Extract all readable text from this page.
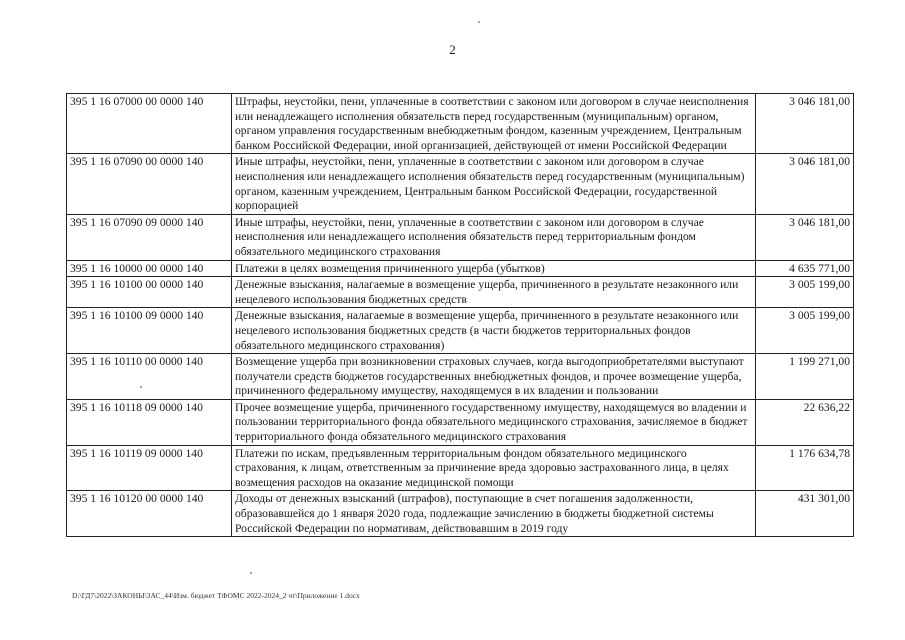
2
395 1 16 07000 00 0000 140	Штрафы, неустойки, пени, уплаченные в соответствии с законом или договором в случае неисполнения или ненадлежащего исполнения обязательств перед государственным (муниципальным) органом, органом управления государственным внебюджетным фондом, казенным учреждением, Центральным банком Российской Федерации, иной организацией, действующей от имени Российской Федерации	3 046 181,00
395 1 16 07090 00 0000 140	Иные штрафы, неустойки, пени, уплаченные в соответствии с законом или договором в случае неисполнения или ненадлежащего исполнения обязательств перед государственным (муниципальным) органом, казенным учреждением, Центральным банком Российской Федерации, государственной корпорацией	3 046 181,00
395 1 16 07090 09 0000 140	Иные штрафы, неустойки, пени, уплаченные в соответствии с законом или договором в случае неисполнения или ненадлежащего исполнения обязательств перед территориальным фондом обязательного медицинского страхования	3 046 181,00
395 1 16 10000 00 0000 140	Платежи в целях возмещения причиненного ущерба (убытков)	4 635 771,00
395 1 16 10100 00 0000 140	Денежные взыскания, налагаемые в возмещение ущерба, причиненного в результате незаконного или нецелевого использования бюджетных средств	3 005 199,00
395 1 16 10100 09 0000 140	Денежные взыскания, налагаемые в возмещение ущерба, причиненного в результате незаконного или нецелевого использования бюджетных средств (в части бюджетов территориальных фондов обязательного медицинского страхования)	3 005 199,00
395 1 16 10110 00 0000 140	Возмещение ущерба при возникновении страховых случаев, когда выгодоприобретателями выступают получатели средств бюджетов государственных внебюджетных фондов, и прочее возмещение ущерба, причиненного федеральному имуществу, находящемуся в их владении и пользовании	1 199 271,00
395 1 16 10118 09 0000 140	Прочее возмещение ущерба, причиненного государственному имуществу, находящемуся во владении и пользовании территориального фонда обязательного медицинского страхования, зачисляемое в бюджет территориального фонда обязательного медицинского страхования	22 636,22
395 1 16 10119 09 0000 140	Платежи по искам, предъявленным территориальным фондом обязательного медицинского страхования, к лицам, ответственным за причинение вреда здоровью застрахованного лица, в целях возмещения расходов на оказание медицинской помощи	1 176 634,78
395 1 16 10120 00 0000 140	Доходы от денежных взысканий (штрафов), поступающие в счет погашения задолженности, образовавшейся до 1 января 2020 года, подлежащие зачислению в бюджеты бюджетной системы Российской Федерации по нормативам, действовавшим в 2019 году	431 301,00
D:\ГД7\2022\ЗАКОНЫ\ЗАС_44\Изм. бюджет ТФОМС 2022-2024_2 чт\Приложение 1.docx
